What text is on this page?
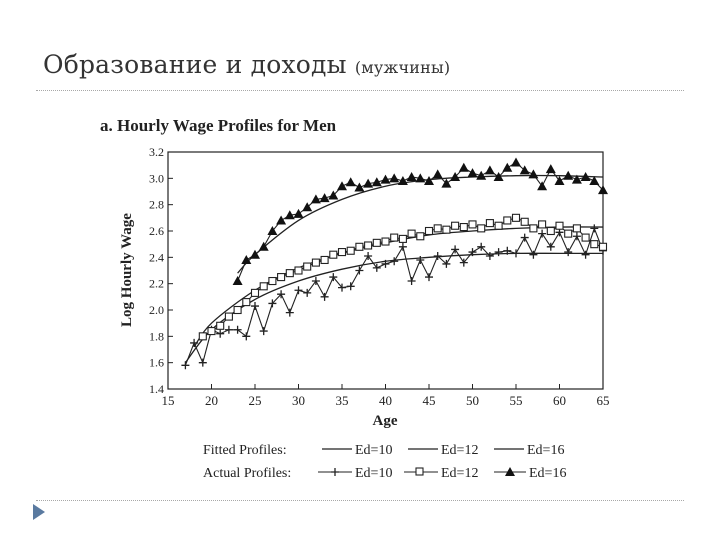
Образование и доходы (мужчины)
a. Hourly Wage Profiles for Men
Log Hourly Wage
Age
1.4
1.6
1.8
2.0
2.2
2.4
2.6
2.8
3.0
3.2
15 20 25 30 35 40 45 50 55 60 65
Fitted Profiles:
Actual Profiles:
Ed=10	Ed=12	Ed=16
Ed=10	Ed=12	Ed=16
